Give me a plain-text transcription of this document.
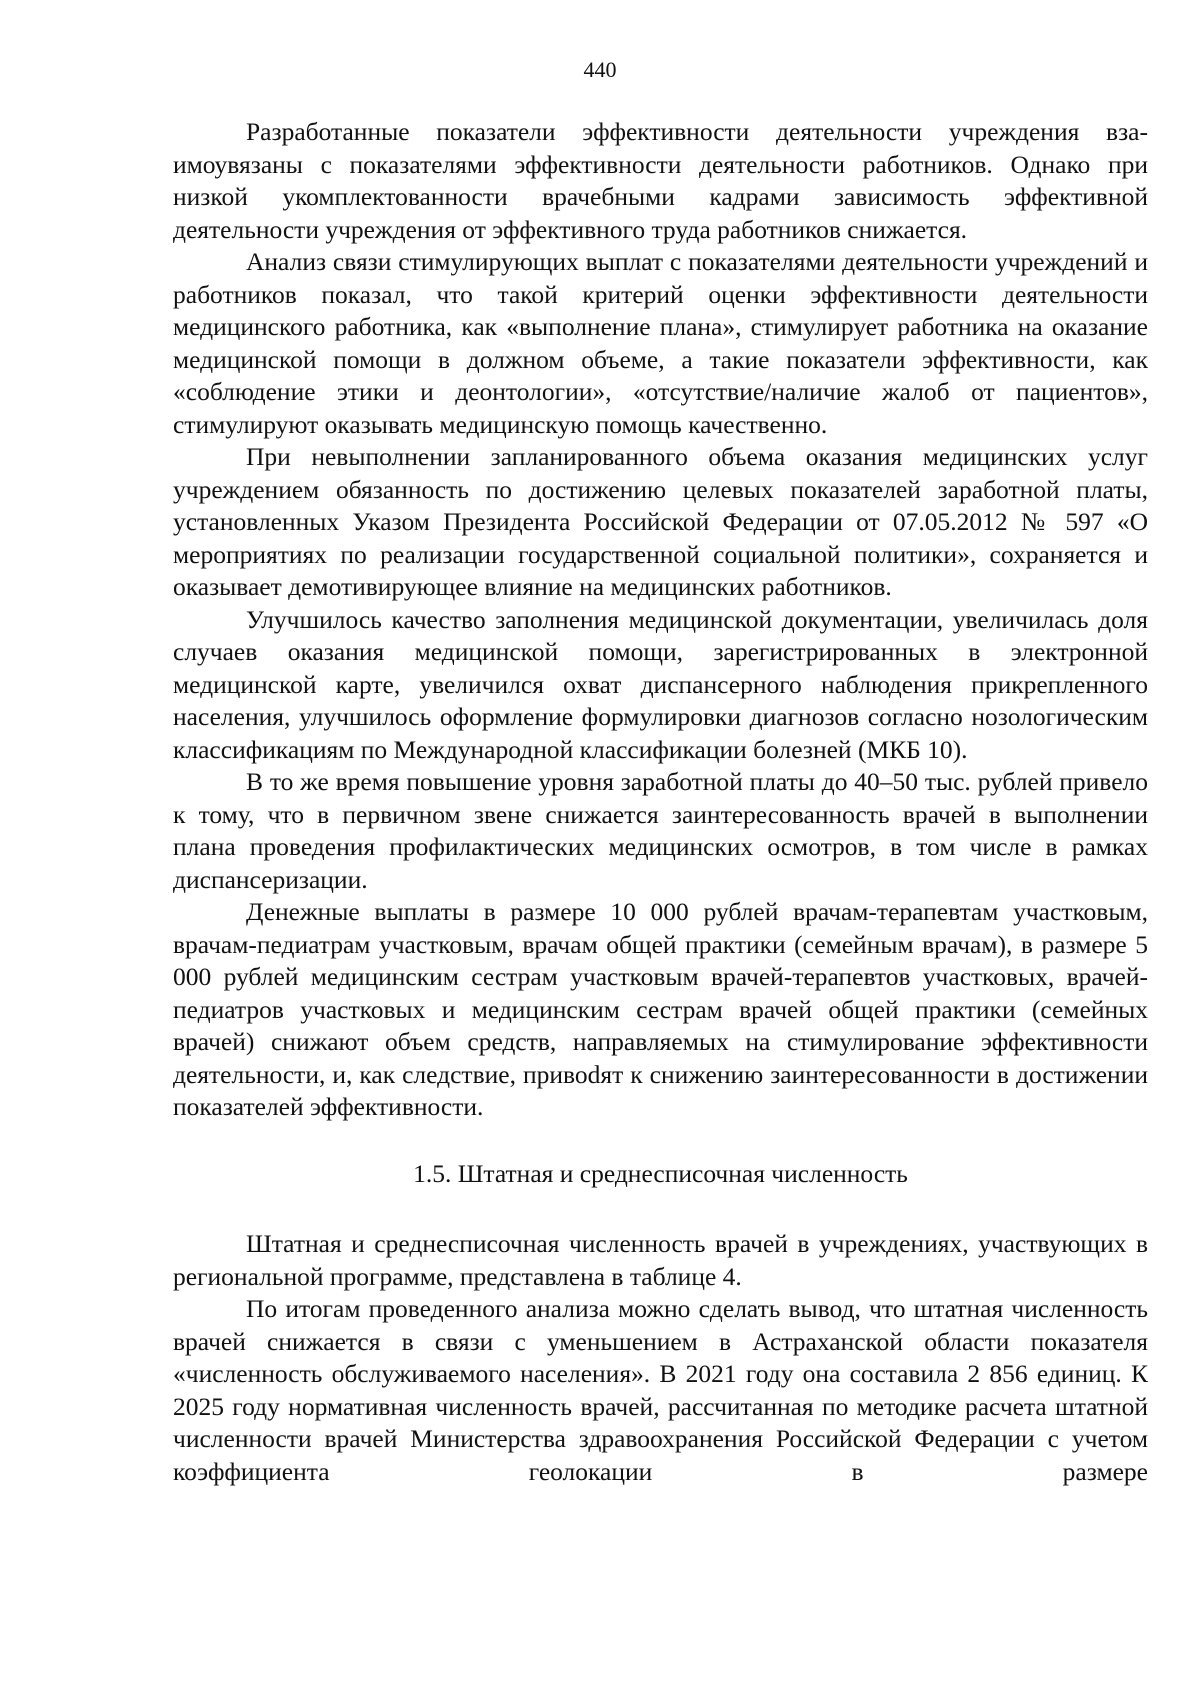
440

Разработанные показатели эффективности деятельности учреждения взаимоувязаны с показателями эффективности деятельности работников. Однако при низкой укомплектованности врачебными кадрами зависимость эффективной деятельности учреждения от эффективного труда работников снижается.

Анализ связи стимулирующих выплат с показателями деятельности учреждений и работников показал, что такой критерий оценки эффективности деятельности медицинского работника, как «выполнение плана», стимулирует работника на оказание медицинской помощи в должном объеме, а такие показатели эффективности, как «соблюдение этики и деонтологии», «отсутствие/наличие жалоб от пациентов», стимулируют оказывать медицинскую помощь качественно.

При невыполнении запланированного объема оказания медицинских услуг учреждением обязанность по достижению целевых показателей заработной платы, установленных Указом Президента Российской Федерации от 07.05.2012 № 597 «О мероприятиях по реализации государственной социальной политики», сохраняется и оказывает демотивирующее влияние на медицинских работников.

Улучшилось качество заполнения медицинской документации, увеличилась доля случаев оказания медицинской помощи, зарегистрированных в электронной медицинской карте, увеличился охват диспансерного наблюдения прикрепленного населения, улучшилось оформление формулировки диагнозов согласно нозологическим классификациям по Международной классификации болезней (МКБ 10).

В то же время повышение уровня заработной платы до 40–50 тыс. рублей привело к тому, что в первичном звене снижается заинтересованность врачей в выполнении плана проведения профилактических медицинских осмотров, в том числе в рамках диспансеризации.

Денежные выплаты в размере 10 000 рублей врачам-терапевтам участковым, врачам-педиатрам участковым, врачам общей практики (семейным врачам), в размере 5 000 рублей медицинским сестрам участковым врачей-терапевтов участковых, врачей-педиатров участковых и медицинским сестрам врачей общей практики (семейных врачей) снижают объем средств, направляемых на стимулирование эффективности деятельности, и, как следствие, привоdят к снижению заинтересованности в достижении показателей эффективности.

1.5. Штатная и среднесписочная численность

Штатная и среднесписочная численность врачей в учреждениях, участвующих в региональной программе, представлена в таблице 4.

По итогам проведенного анализа можно сделать вывод, что штатная численность врачей снижается в связи с уменьшением в Астраханской области показателя «численность обслуживаемого населения». В 2021 году она составила 2 856 единиц. К 2025 году нормативная численность врачей, рассчитанная по методике расчета штатной численности врачей Министерства здравоохранения Российской Федерации с учетом коэффициента геолокации в размере
